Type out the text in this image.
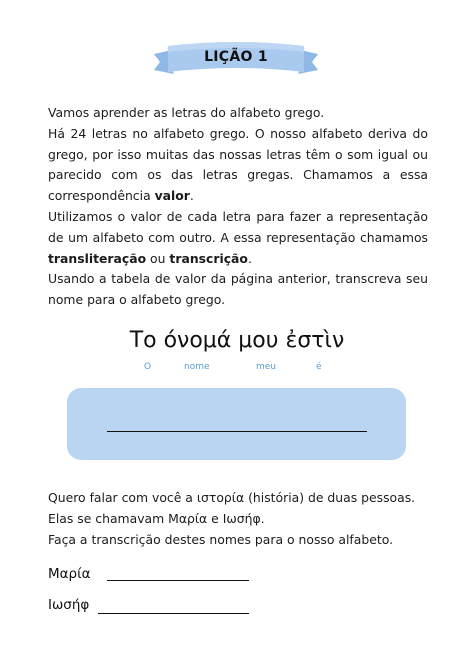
LIÇÃO 1

Vamos aprender as letras do alfabeto grego.

Há 24 letras no alfabeto grego. O nosso alfabeto deriva do grego, por isso muitas das nossas letras têm o som igual ou parecido com os das letras gregas. Chamamos a essa correspondência valor.

Utilizamos o valor de cada letra para fazer a representação de um alfabeto com outro. A essa representação chamamos transliteração ou transcrição.

Usando a tabela de valor da página anterior, transcreva seu nome para o alfabeto grego.

Το όνομά μου ἐστὶν
O	nome	meu	é

Quero falar com você a ιστορία (história) de duas pessoas.

Elas se chamavam Μαρία e Ιωσήφ.

Faça a transcrição destes nomes para o nosso alfabeto.

Μαρία
Ιωσήφ
